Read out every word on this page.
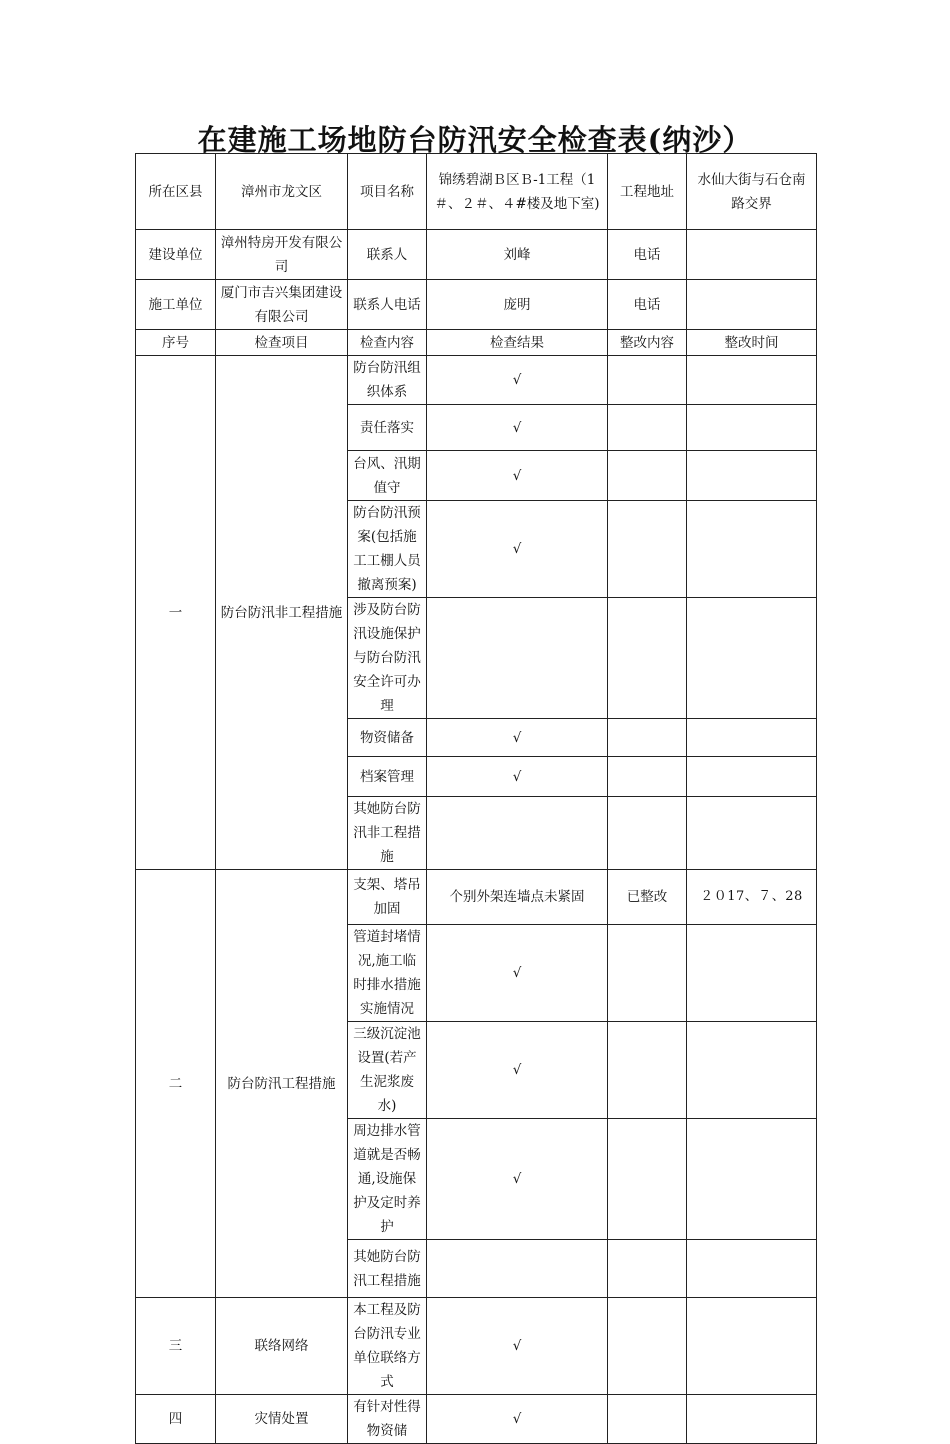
在建施工场地防台防汛安全检查表(纳沙）
所在区县	漳州市龙文区	项目名称	锦绣碧湖Ｂ区Ｂ-1工程（1＃、２＃、４#楼及地下室)	工程地址	水仙大街与石仓南路交界
建设单位	漳州特房开发有限公司	联系人	刘峰	电话	
施工单位	厦门市吉兴集团建设有限公司	联系人电话	庞明	电话	
序号	检查项目	检查内容	检查结果	整改内容	整改时间
一	防台防汛非工程措施	防台防汛组织体系	√		
		责任落实	√		
		台风、汛期值守	√		
		防台防汛预案(包括施工工棚人员撤离预案)	√		
		涉及防台防汛设施保护与防台防汛安全许可办理			
		物资储备	√		
		档案管理	√		
		其她防台防汛非工程措施			
二	防台防汛工程措施	支架、塔吊加固	个别外架连墙点未紧固	已整改	２０17、７、28
		管道封堵情况,施工临时排水措施实施情况	√		
		三级沉淀池设置(若产生泥浆废水)	√		
		周边排水管道就是否畅通,设施保护及定时养护	√		
		其她防台防汛工程措施			
三	联络网络	本工程及防台防汛专业单位联络方式	√		
四	灾情处置	有针对性得物资储	√		
